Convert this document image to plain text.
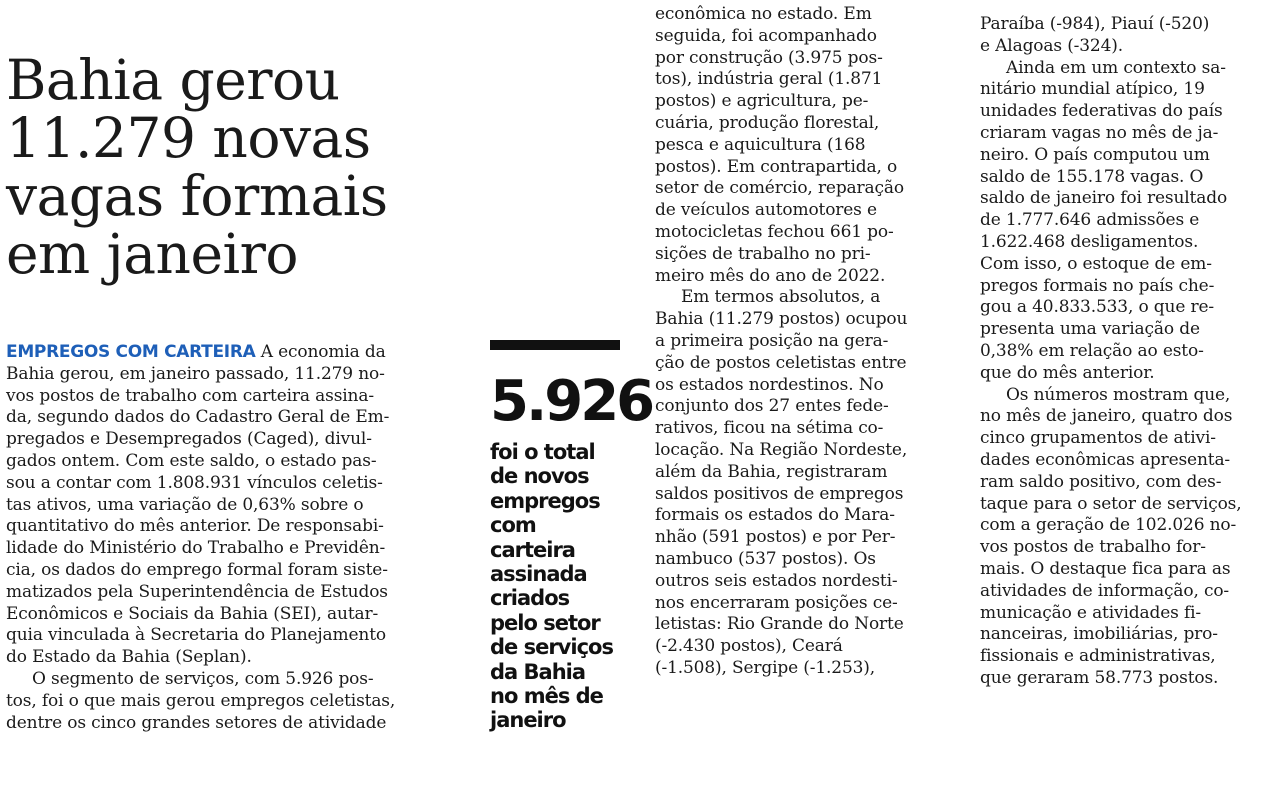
Bahia gerou
11.279 novas
vagas formais
em janeiro
EMPREGOS COM CARTEIRA A economia da
Bahia gerou, em janeiro passado, 11.279 no-
vos postos de trabalho com carteira assina-
da, segundo dados do Cadastro Geral de Em-
pregados e Desempregados (Caged), divul-
gados ontem. Com este saldo, o estado pas-
sou a contar com 1.808.931 vínculos celetis-
tas ativos, uma variação de 0,63% sobre o
quantitativo do mês anterior. De responsabi-
lidade do Ministério do Trabalho e Previdên-
cia, os dados do emprego formal foram siste-
matizados pela Superintendência de Estudos
Econômicos e Sociais da Bahia (SEI), autar-
quia vinculada à Secretaria do Planejamento
do Estado da Bahia (Seplan).
O segmento de serviços, com 5.926 pos-
tos, foi o que mais gerou empregos celetistas,
dentre os cinco grandes setores de atividade
5.926
foi o total
de novos
empregos
com
carteira
assinada
criados
pelo setor
de serviços
da Bahia
no mês de
janeiro
econômica no estado. Em
seguida, foi acompanhado
por construção (3.975 pos-
tos), indústria geral (1.871
postos) e agricultura, pe-
cuária, produção florestal,
pesca e aquicultura (168
postos). Em contrapartida, o
setor de comércio, reparação
de veículos automotores e
motocicletas fechou 661 po-
sições de trabalho no pri-
meiro mês do ano de 2022.
Em termos absolutos, a
Bahia (11.279 postos) ocupou
a primeira posição na gera-
ção de postos celetistas entre
os estados nordestinos. No
conjunto dos 27 entes fede-
rativos, ficou na sétima co-
locação. Na Região Nordeste,
além da Bahia, registraram
saldos positivos de empregos
formais os estados do Mara-
nhão (591 postos) e por Per-
nambuco (537 postos). Os
outros seis estados nordesti-
nos encerraram posições ce-
letistas: Rio Grande do Norte
(-2.430 postos), Ceará
(-1.508), Sergipe (-1.253),
Paraíba (-984), Piauí (-520)
e Alagoas (-324).
Ainda em um contexto sa-
nitário mundial atípico, 19
unidades federativas do país
criaram vagas no mês de ja-
neiro. O país computou um
saldo de 155.178 vagas. O
saldo de janeiro foi resultado
de 1.777.646 admissões e
1.622.468 desligamentos.
Com isso, o estoque de em-
pregos formais no país che-
gou a 40.833.533, o que re-
presenta uma variação de
0,38% em relação ao esto-
que do mês anterior.
Os números mostram que,
no mês de janeiro, quatro dos
cinco grupamentos de ativi-
dades econômicas apresenta-
ram saldo positivo, com des-
taque para o setor de serviços,
com a geração de 102.026 no-
vos postos de trabalho for-
mais. O destaque fica para as
atividades de informação, co-
municação e atividades fi-
nanceiras, imobiliárias, pro-
fissionais e administrativas,
que geraram 58.773 postos.
